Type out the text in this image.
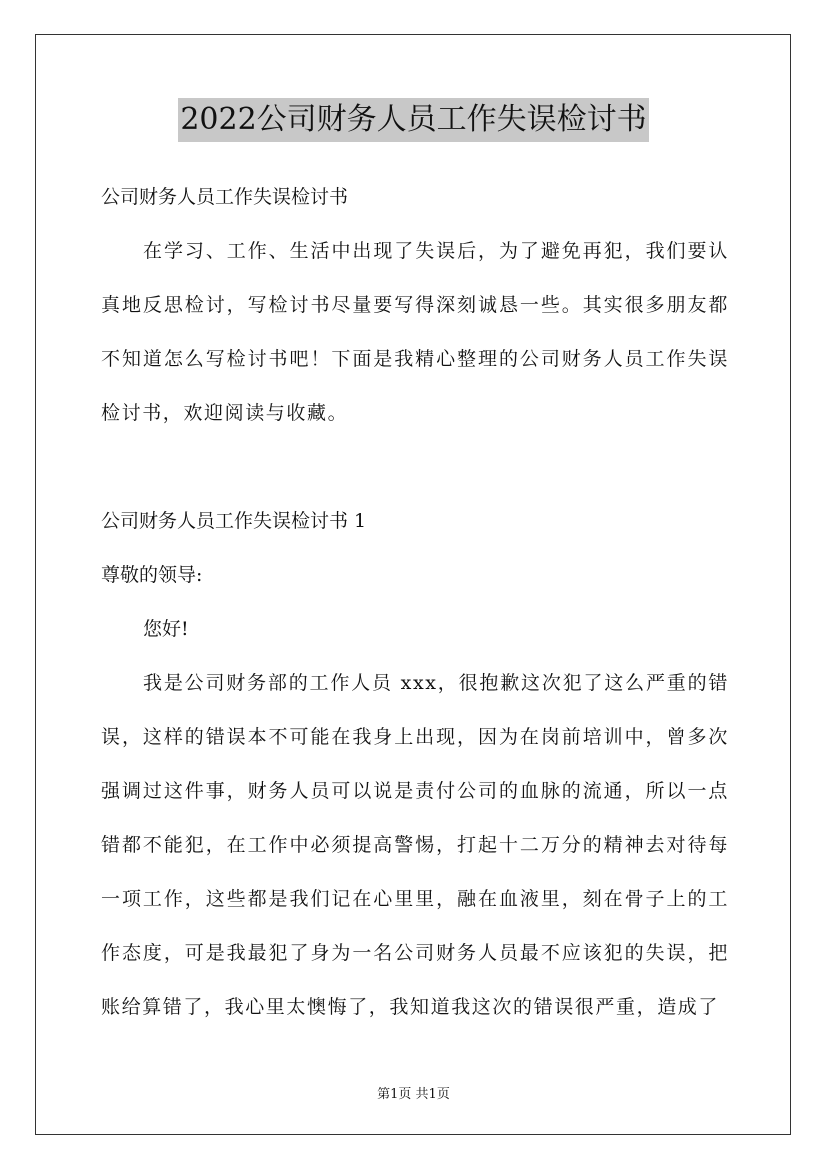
2022公司财务人员工作失误检讨书
公司财务人员工作失误检讨书
在学习、工作、生活中出现了失误后，为了避免再犯，我们要认真地反思检讨，写检讨书尽量要写得深刻诚恳一些。其实很多朋友都不知道怎么写检讨书吧！下面是我精心整理的公司财务人员工作失误检讨书，欢迎阅读与收藏。
公司财务人员工作失误检讨书 1
尊敬的领导:
您好!
我是公司财务部的工作人员 xxx，很抱歉这次犯了这么严重的错误，这样的错误本不可能在我身上出现，因为在岗前培训中，曾多次强调过这件事，财务人员可以说是责付公司的血脉的流通，所以一点错都不能犯，在工作中必须提高警惕，打起十二万分的精神去对待每一项工作，这些都是我们记在心里里，融在血液里，刻在骨子上的工作态度，可是我最犯了身为一名公司财务人员最不应该犯的失误，把账给算错了，我心里太懊悔了，我知道我这次的错误很严重，造成了
第1页 共1页
